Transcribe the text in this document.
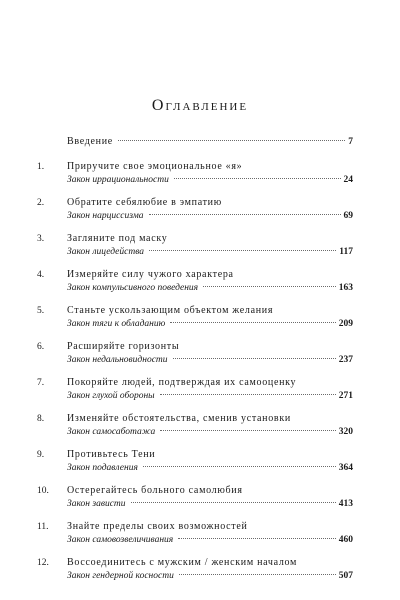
Оглавление
Введение	7
1.	Приручите свое эмоциональное «я»
Закон иррациональности	24
2.	Обратите себялюбие в эмпатию
Закон нарциссизма	69
3.	Загляните под маску
Закон лицедейства	117
4.	Измеряйте силу чужого характера
Закон компульсивного поведения	163
5.	Станьте ускользающим объектом желания
Закон тяги к обладанию	209
6.	Расширяйте горизонты
Закон недальновидности	237
7.	Покоряйте людей, подтверждая их самооценку
Закон глухой обороны	271
8.	Изменяйте обстоятельства, сменив установки
Закон самосаботажа	320
9.	Противьтесь Тени
Закон подавления	364
10.	Остерегайтесь больного самолюбия
Закон зависти	413
11.	Знайте пределы своих возможностей
Закон самовозвеличивания	460
12.	Воссоединитесь с мужским / женским началом
Закон гендерной косности	507
